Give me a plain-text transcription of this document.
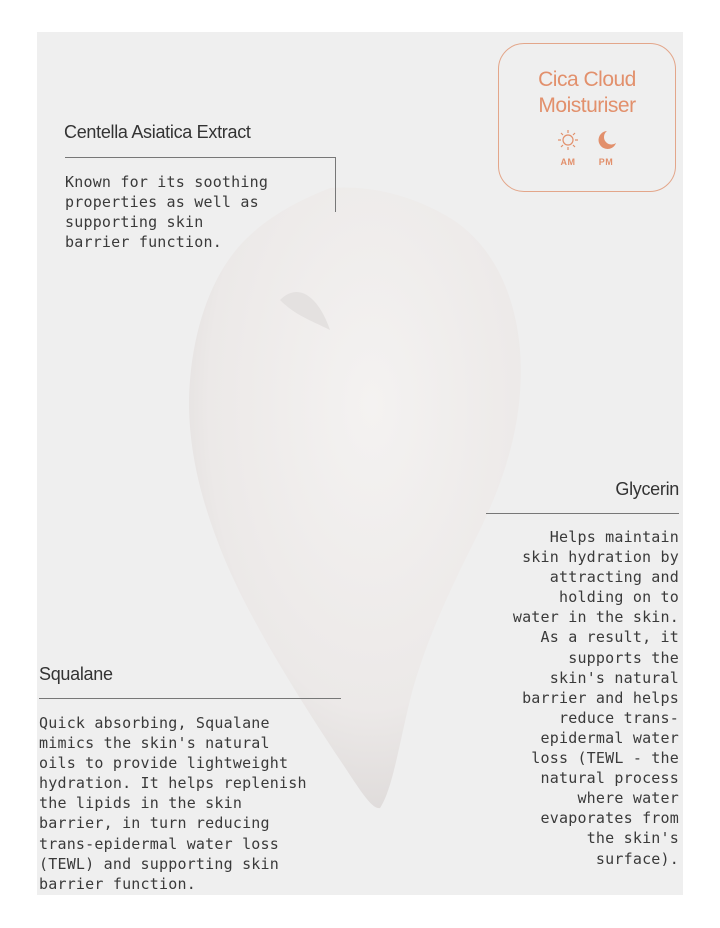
Cica Cloud
Moisturiser
AM	PM
Centella Asiatica Extract
Known for its soothing
properties as well as
supporting skin
barrier function.
Glycerin
Helps maintain
skin hydration by
attracting and
holding on to
water in the skin.
As a result, it
supports the
skin's natural
barrier and helps
reduce trans-
epidermal water
loss (TEWL - the
natural process
where water
evaporates from
the skin's
surface).
Squalane
Quick absorbing, Squalane
mimics the skin's natural
oils to provide lightweight
hydration. It helps replenish
the lipids in the skin
barrier, in turn reducing
trans-epidermal water loss
(TEWL) and supporting skin
barrier function.
